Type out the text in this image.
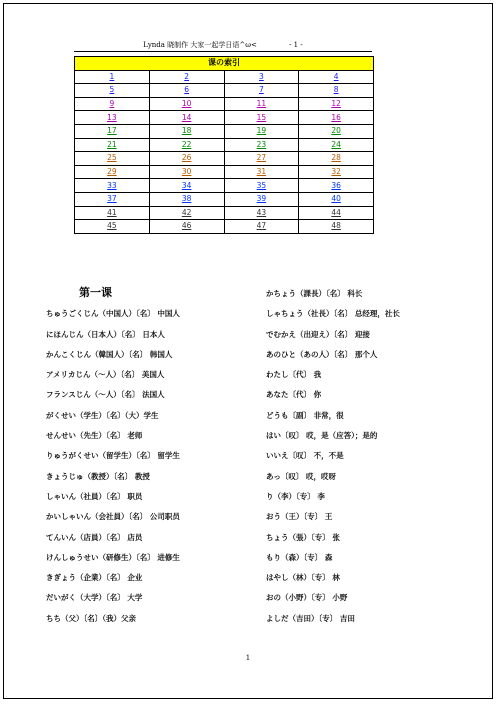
Lynda 晓制作 大家一起学日语^ω<	- 1 -
课の索引			
1	2	3	4
5	6	7	8
9	10	11	12
13	14	15	16
17	18	19	20
21	22	23	24
25	26	27	28
29	30	31	32
33	34	35	36
37	38	39	40
41	42	43	44
45	46	47	48
第一课
ちゅうごくじん（中国人）〔名〕 中国人
にほんじん（日本人）〔名〕 日本人
かんこくじん（韓国人）〔名〕 韩国人
アメリカじん（～人）〔名〕 美国人
フランスじん（～人）〔名〕 法国人
がくせい（学生）〔名〕（大）学生
せんせい（先生）〔名〕 老师
りゅうがくせい（留学生）〔名〕 留学生
きょうじゅ（教授）〔名〕 教授
しゃいん（社員）〔名〕 职员
かいしゃいん（会社員）〔名〕 公司职员
てんいん（店員）〔名〕 店员
けんしゅうせい（研修生）〔名〕 进修生
きぎょう（企業）〔名〕 企业
だいがく（大学）〔名〕 大学
ちち（父）〔名〕（我）父亲
かちょう（課長）〔名〕 科长
しゃちょう（社長）〔名〕 总经理，社长
でむかえ（出迎え）〔名〕 迎接
あのひと（あの人）〔名〕 那个人
わたし〔代〕 我
あなた〔代〕 你
どうも〔副〕 非常，很
はい〔叹〕 哎，是（应答）；是的
いいえ〔叹〕 不，不是
あっ〔叹〕 哎，哎呀
り（李）〔专〕 李
おう（王）〔专〕 王
ちょう（張）〔专〕 张
もり（森）〔专〕 森
はやし（林）〔专〕 林
おの（小野）〔专〕 小野
よしだ（吉田）〔专〕 吉田
1
